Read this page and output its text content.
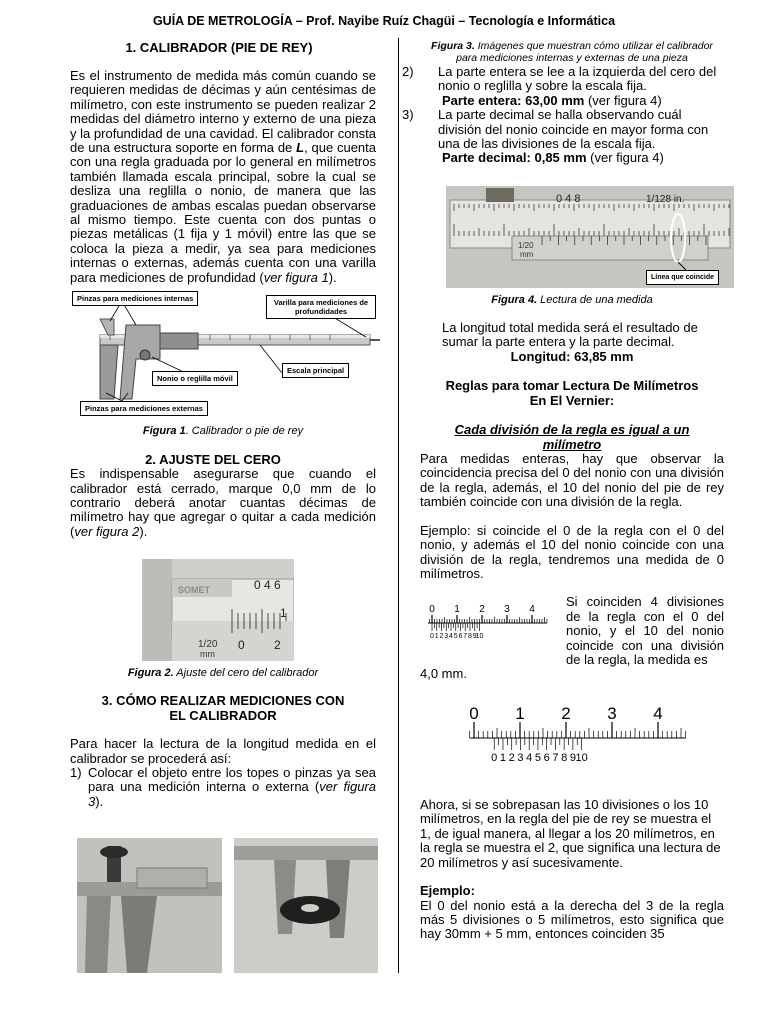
GUÍA DE METROLOGÍA – Prof. Nayibe Ruíz Chagüi – Tecnología e Informática
1. CALIBRADOR (PIE DE REY)
Es el instrumento de medida más común cuando se requieren medidas de décimas y aún centésimas de milímetro, con este instrumento se pueden realizar 2 medidas del diámetro interno y externo de una pieza y la profundidad de una cavidad. El calibrador consta de una estructura soporte en forma de L, que cuenta con una regla graduada por lo general en milímetros también llamada escala principal, sobre la cual se desliza una reglilla o nonio, de manera que las graduaciones de ambas escalas puedan observarse al mismo tiempo. Este cuenta con dos puntas o piezas metálicas (1 fija y 1 móvil) entre las que se coloca la pieza a medir, ya sea para mediciones internas o externas, además cuenta con una varilla para mediciones de profundidad (ver figura 1).
Pinzas para mediciones internas	Varilla para mediciones de profundidades
Nonio o reglilla móvil
Escala principal
Pinzas para mediciones externas
Figura 1. Calibrador o pie de rey
2. AJUSTE DEL CERO
Es indispensable asegurarse que cuando el calibrador está cerrado, marque 0,0 mm de lo contrario deberá anotar cuantas décimas de milímetro hay que agregar o quitar a cada medición (ver figura 2).
SOMET	0 4 6
1
1/20
mm
0 2
Figura 2. Ajuste del cero del calibrador
3. CÓMO REALIZAR MEDICIONES CON
EL CALIBRADOR
Para hacer la lectura de la longitud medida en el calibrador se procederá así:
1) Colocar el objeto entre los topes o pinzas ya sea para una medición interna o externa (ver figura 3).
Figura 3. Imágenes que muestran cómo utilizar el calibrador para mediciones internas y externas de una pieza
2) La parte entera se lee a la izquierda del cero del nonio o reglilla y sobre la escala fija.
Parte entera: 63,00 mm (ver figura 4)
3) La parte decimal se halla observando cuál división del nonio coincide en mayor forma con una de las divisiones de la escala fija.
Parte decimal: 0,85 mm (ver figura 4)
0 4 8	1/128 in.
1/20
mm
Línea que coincide
Figura 4. Lectura de una medida
La longitud total medida será el resultado de sumar la parte entera y la parte decimal.
Longitud: 63,85 mm
Reglas para tomar Lectura De Milímetros
En El Vernier:
Cada división de la regla es igual a un
milímetro
Para medidas enteras, hay que observar la coincidencia precisa del 0 del nonio con una división de la regla, además, el 10 del nonio del pie de rey también coincide con una división de la regla.
Ejemplo: si coincide el 0 de la regla con el 0 del nonio, y además el 10 del nonio coincide con una división de la regla, tendremos una medida de 0 milímetros.
0 1 2 3 4
0 1 2 3 4 5 6 7 8 9
10
Si coinciden 4 divisiones de la regla con el 0 del nonio, y el 10 del nonio coincide con una división de la regla, la medida es
4,0 mm.
0 1 2 3 4
0 1 2 3 4 5 6 7 8 9 10
Ahora, si se sobrepasan las 10 divisiones o los 10 milímetros, en la regla del pie de rey se muestra el 1, de igual manera, al llegar a los 20 milímetros, en la regla se muestra el 2, que significa una lectura de 20 milímetros y así sucesivamente.
Ejemplo:
El 0 del nonio está a la derecha del 3 de la regla más 5 divisiones o 5 milímetros, esto significa que hay 30mm + 5 mm, entonces coinciden 35
